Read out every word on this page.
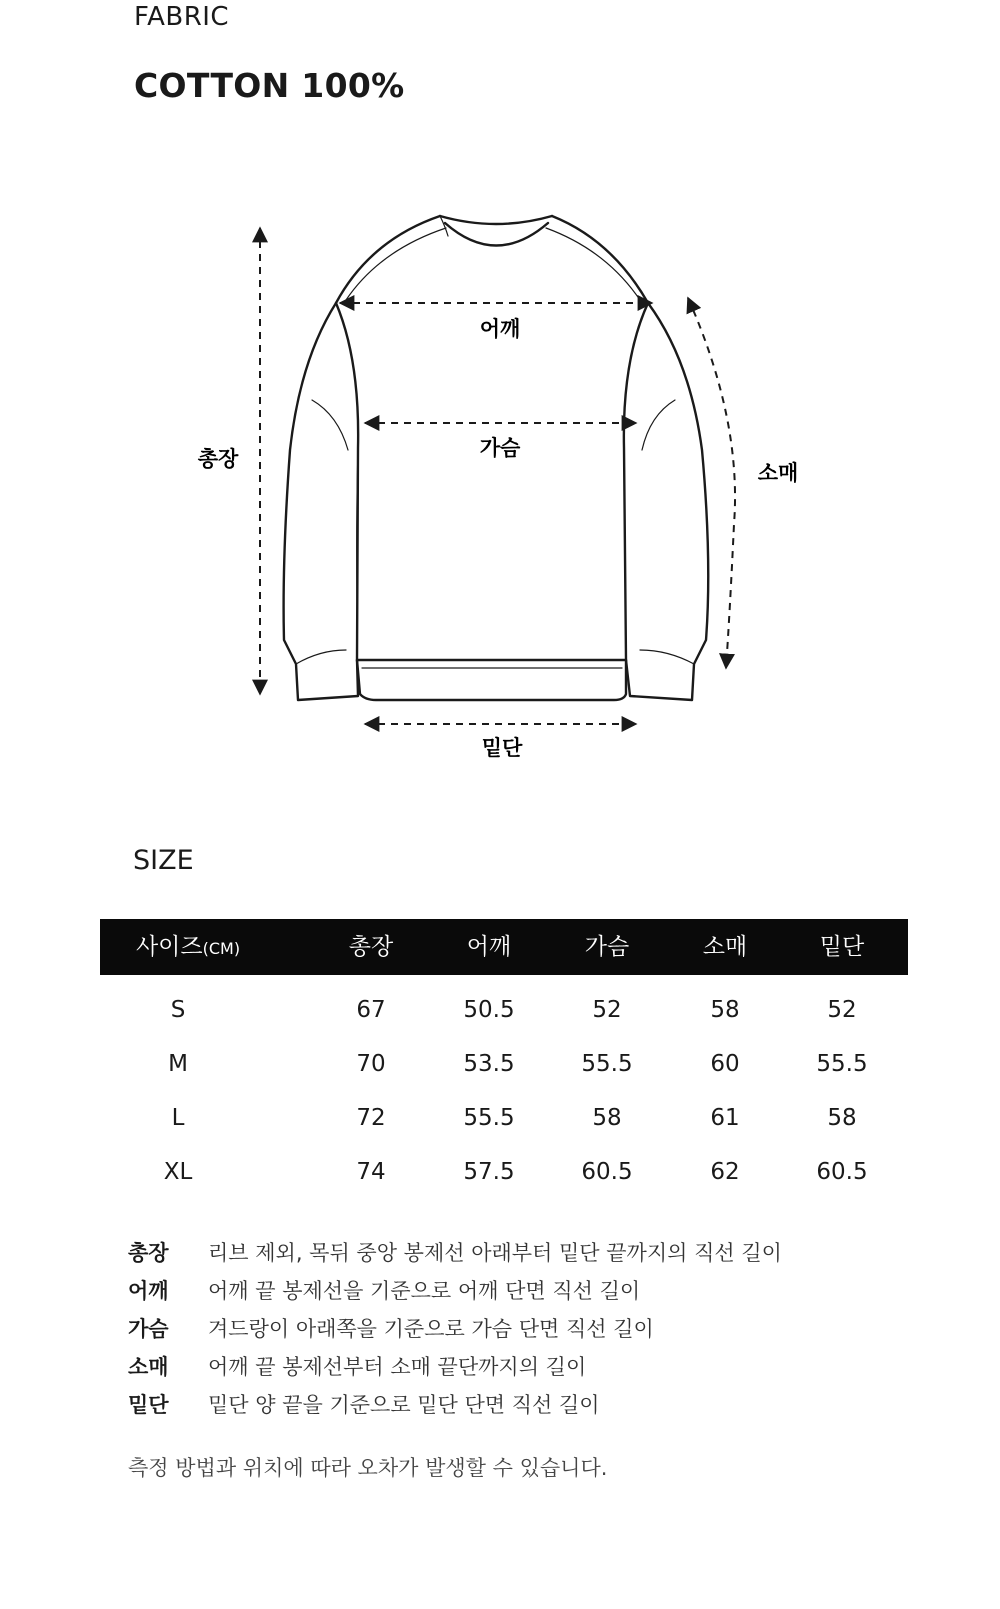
FABRIC
COTTON 100%
총장
어깨
가슴
소매
밑단
SIZE
사이즈(CM)	총장	어깨	가슴	소매	밑단
S	67	50.5	52	58	52
M	70	53.5	55.5	60	55.5
L	72	55.5	58	61	58
XL	74	57.5	60.5	62	60.5
총장 리브 제외, 목뒤 중앙 봉제선 아래부터 밑단 끝까지의 직선 길이
어깨 어깨 끝 봉제선을 기준으로 어깨 단면 직선 길이
가슴 겨드랑이 아래쪽을 기준으로 가슴 단면 직선 길이
소매 어깨 끝 봉제선부터 소매 끝단까지의 길이
밑단 밑단 양 끝을 기준으로 밑단 단면 직선 길이
측정 방법과 위치에 따라 오차가 발생할 수 있습니다.
